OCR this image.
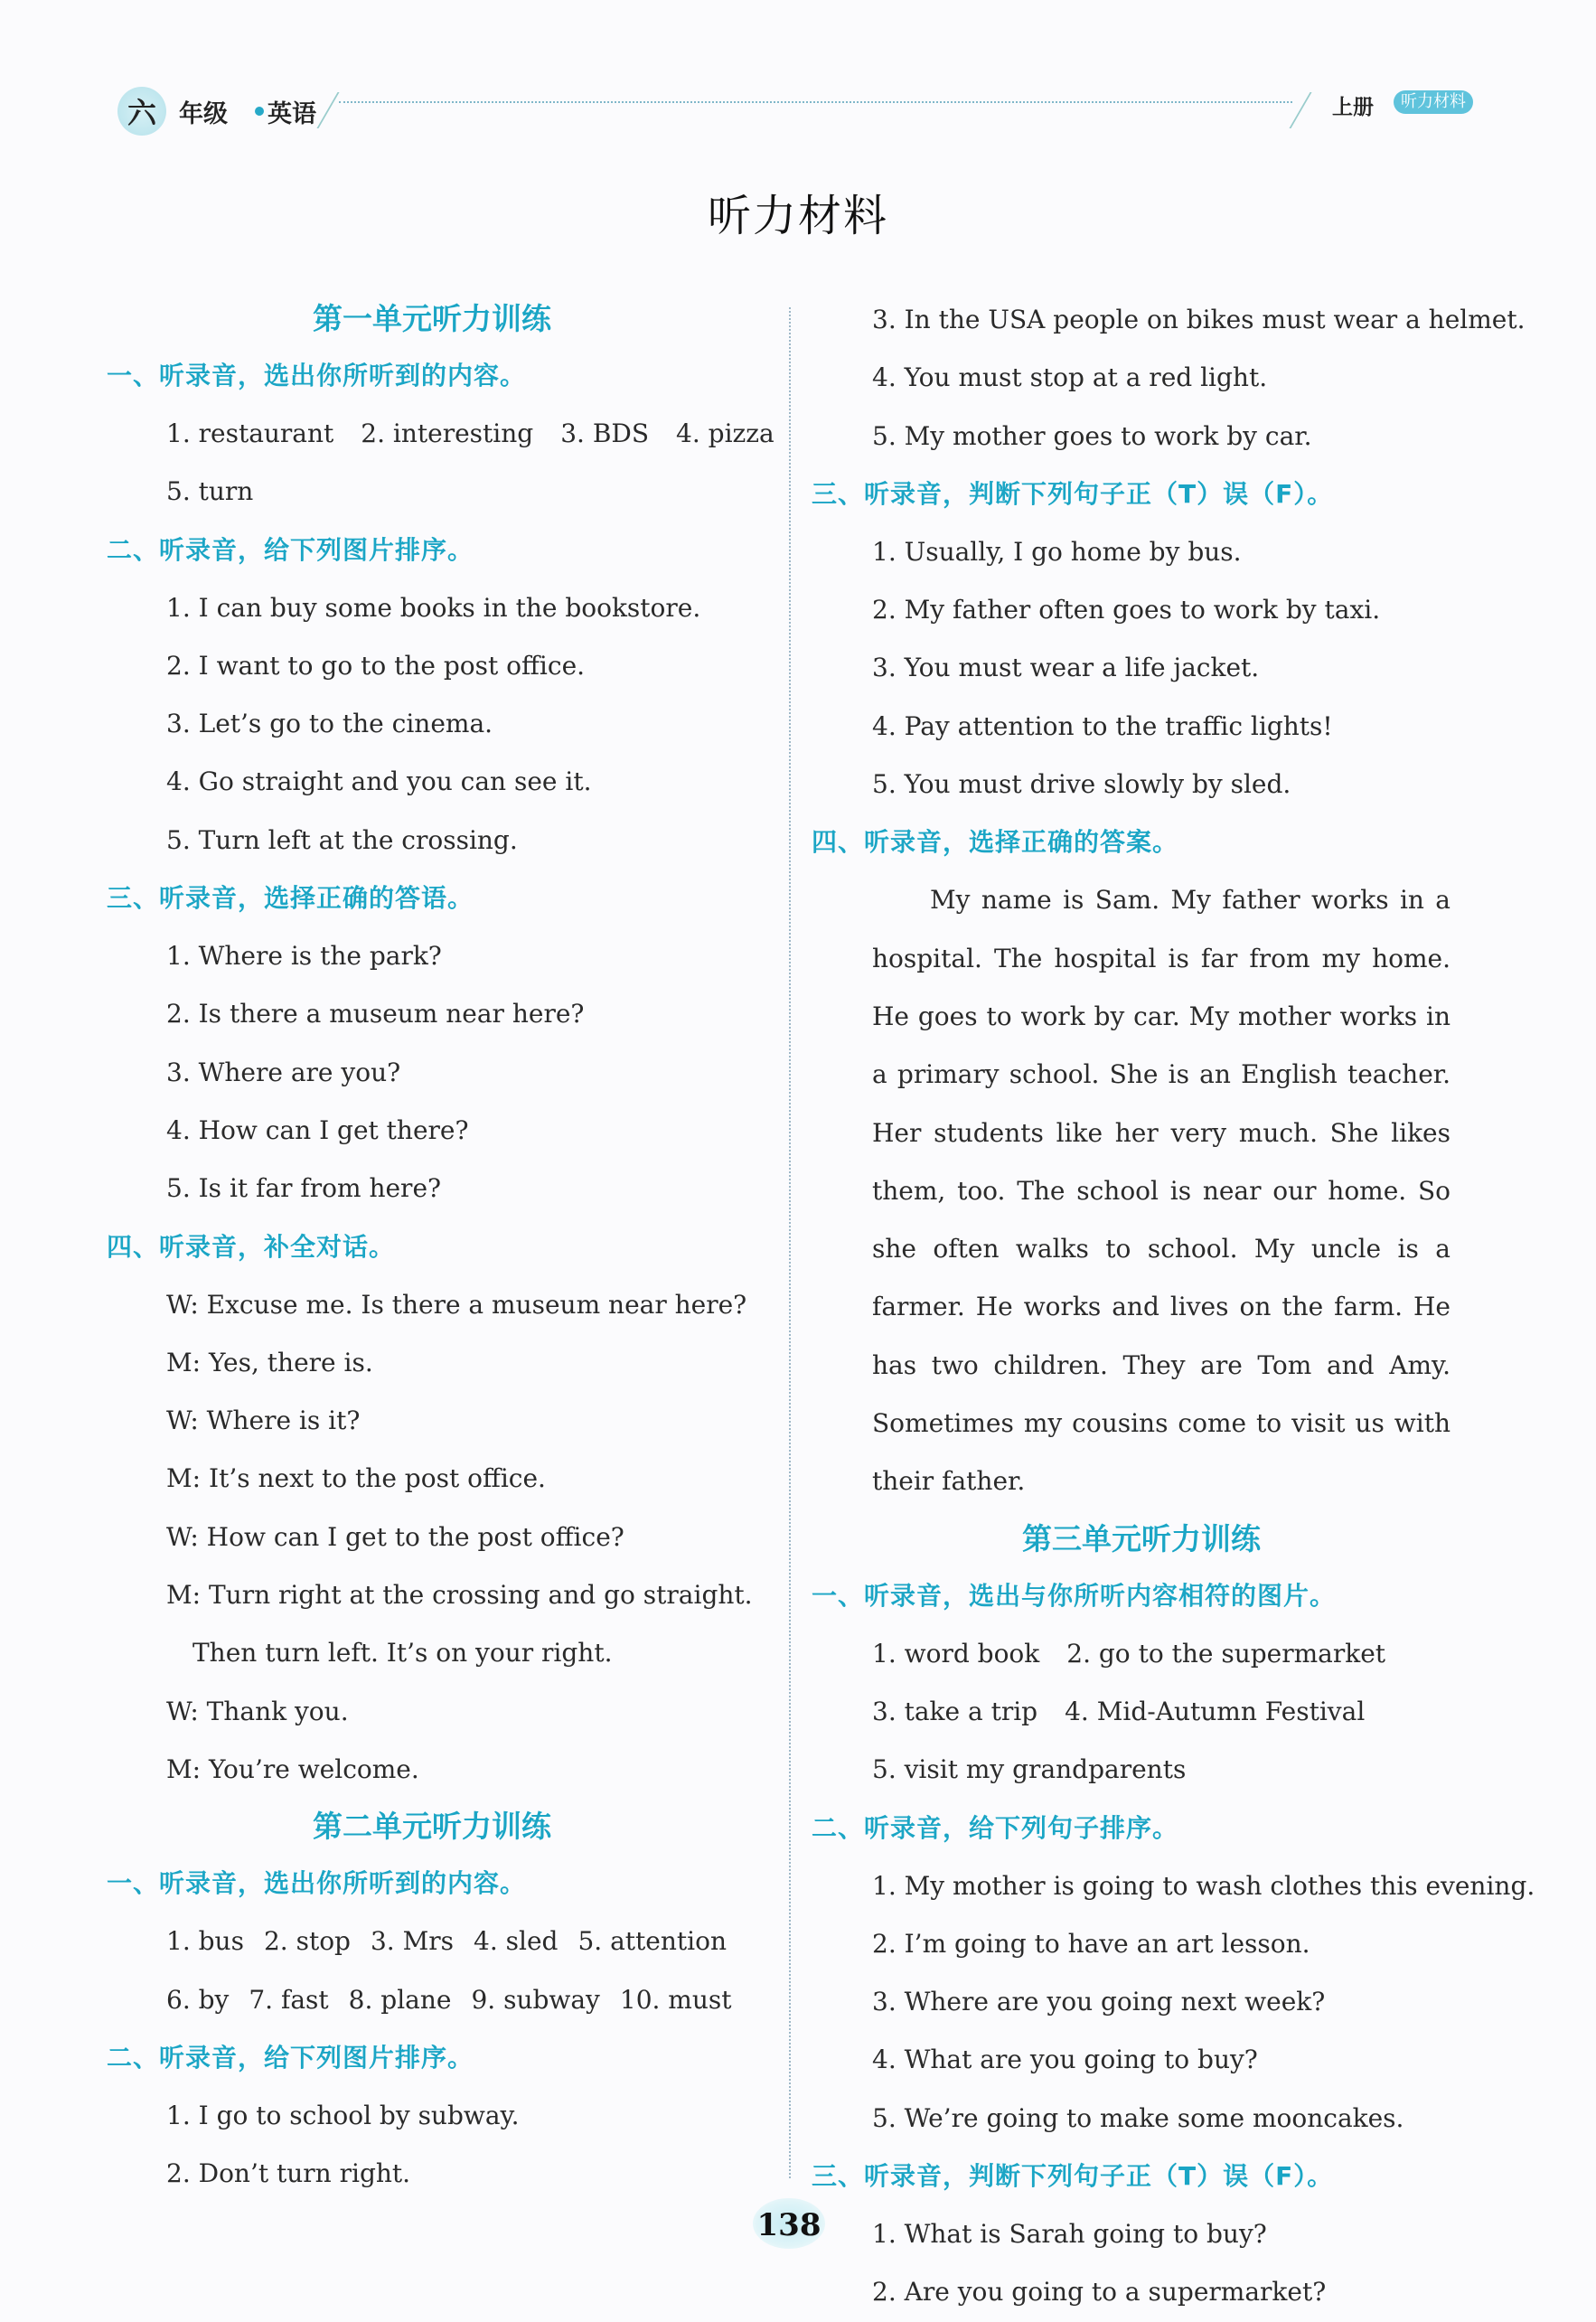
六 年级 英语	上册	听力材料
听力材料
第一单元听力训练
一、听录音，选出你所听到的内容。
1. restaurant 2. interesting 3. BDS 4. pizza
5. turn
二、听录音，给下列图片排序。
1. I can buy some books in the bookstore.
2. I want to go to the post office.
3. Let’s go to the cinema.
4. Go straight and you can see it.
5. Turn left at the crossing.
三、听录音，选择正确的答语。
1. Where is the park?
2. Is there a museum near here?
3. Where are you?
4. How can I get there?
5. Is it far from here?
四、听录音，补全对话。
W: Excuse me. Is there a museum near here?
M: Yes, there is.
W: Where is it?
M: It’s next to the post office.
W: How can I get to the post office?
M: Turn right at the crossing and go straight.
Then turn left. It’s on your right.
W: Thank you.
M: You’re welcome.
第二单元听力训练
一、听录音，选出你所听到的内容。
1. bus 2. stop 3. Mrs 4. sled 5. attention
6. by 7. fast 8. plane 9. subway 10. must
二、听录音，给下列图片排序。
1. I go to school by subway.
2. Don’t turn right.
3. In the USA people on bikes must wear a helmet.
4. You must stop at a red light.
5. My mother goes to work by car.
三、听录音，判断下列句子正（T）误（F）。
1. Usually, I go home by bus.
2. My father often goes to work by taxi.
3. You must wear a life jacket.
4. Pay attention to the traffic lights!
5. You must drive slowly by sled.
四、听录音，选择正确的答案。
My name is Sam. My father works in a hospital. The hospital is far from my home. He goes to work by car. My mother works in a primary school. She is an English teacher. Her students like her very much. She likes them, too. The school is near our home. So she often walks to school. My uncle is a farmer. He works and lives on the farm. He has two children. They are Tom and Amy. Sometimes my cousins come to visit us with their father.
第三单元听力训练
一、听录音，选出与你所听内容相符的图片。
1. word book 2. go to the supermarket
3. take a trip 4. Mid-Autumn Festival
5. visit my grandparents
二、听录音，给下列句子排序。
1. My mother is going to wash clothes this evening.
2. I’m going to have an art lesson.
3. Where are you going next week?
4. What are you going to buy?
5. We’re going to make some mooncakes.
三、听录音，判断下列句子正（T）误（F）。
1. What is Sarah going to buy?
2. Are you going to a supermarket?
138
